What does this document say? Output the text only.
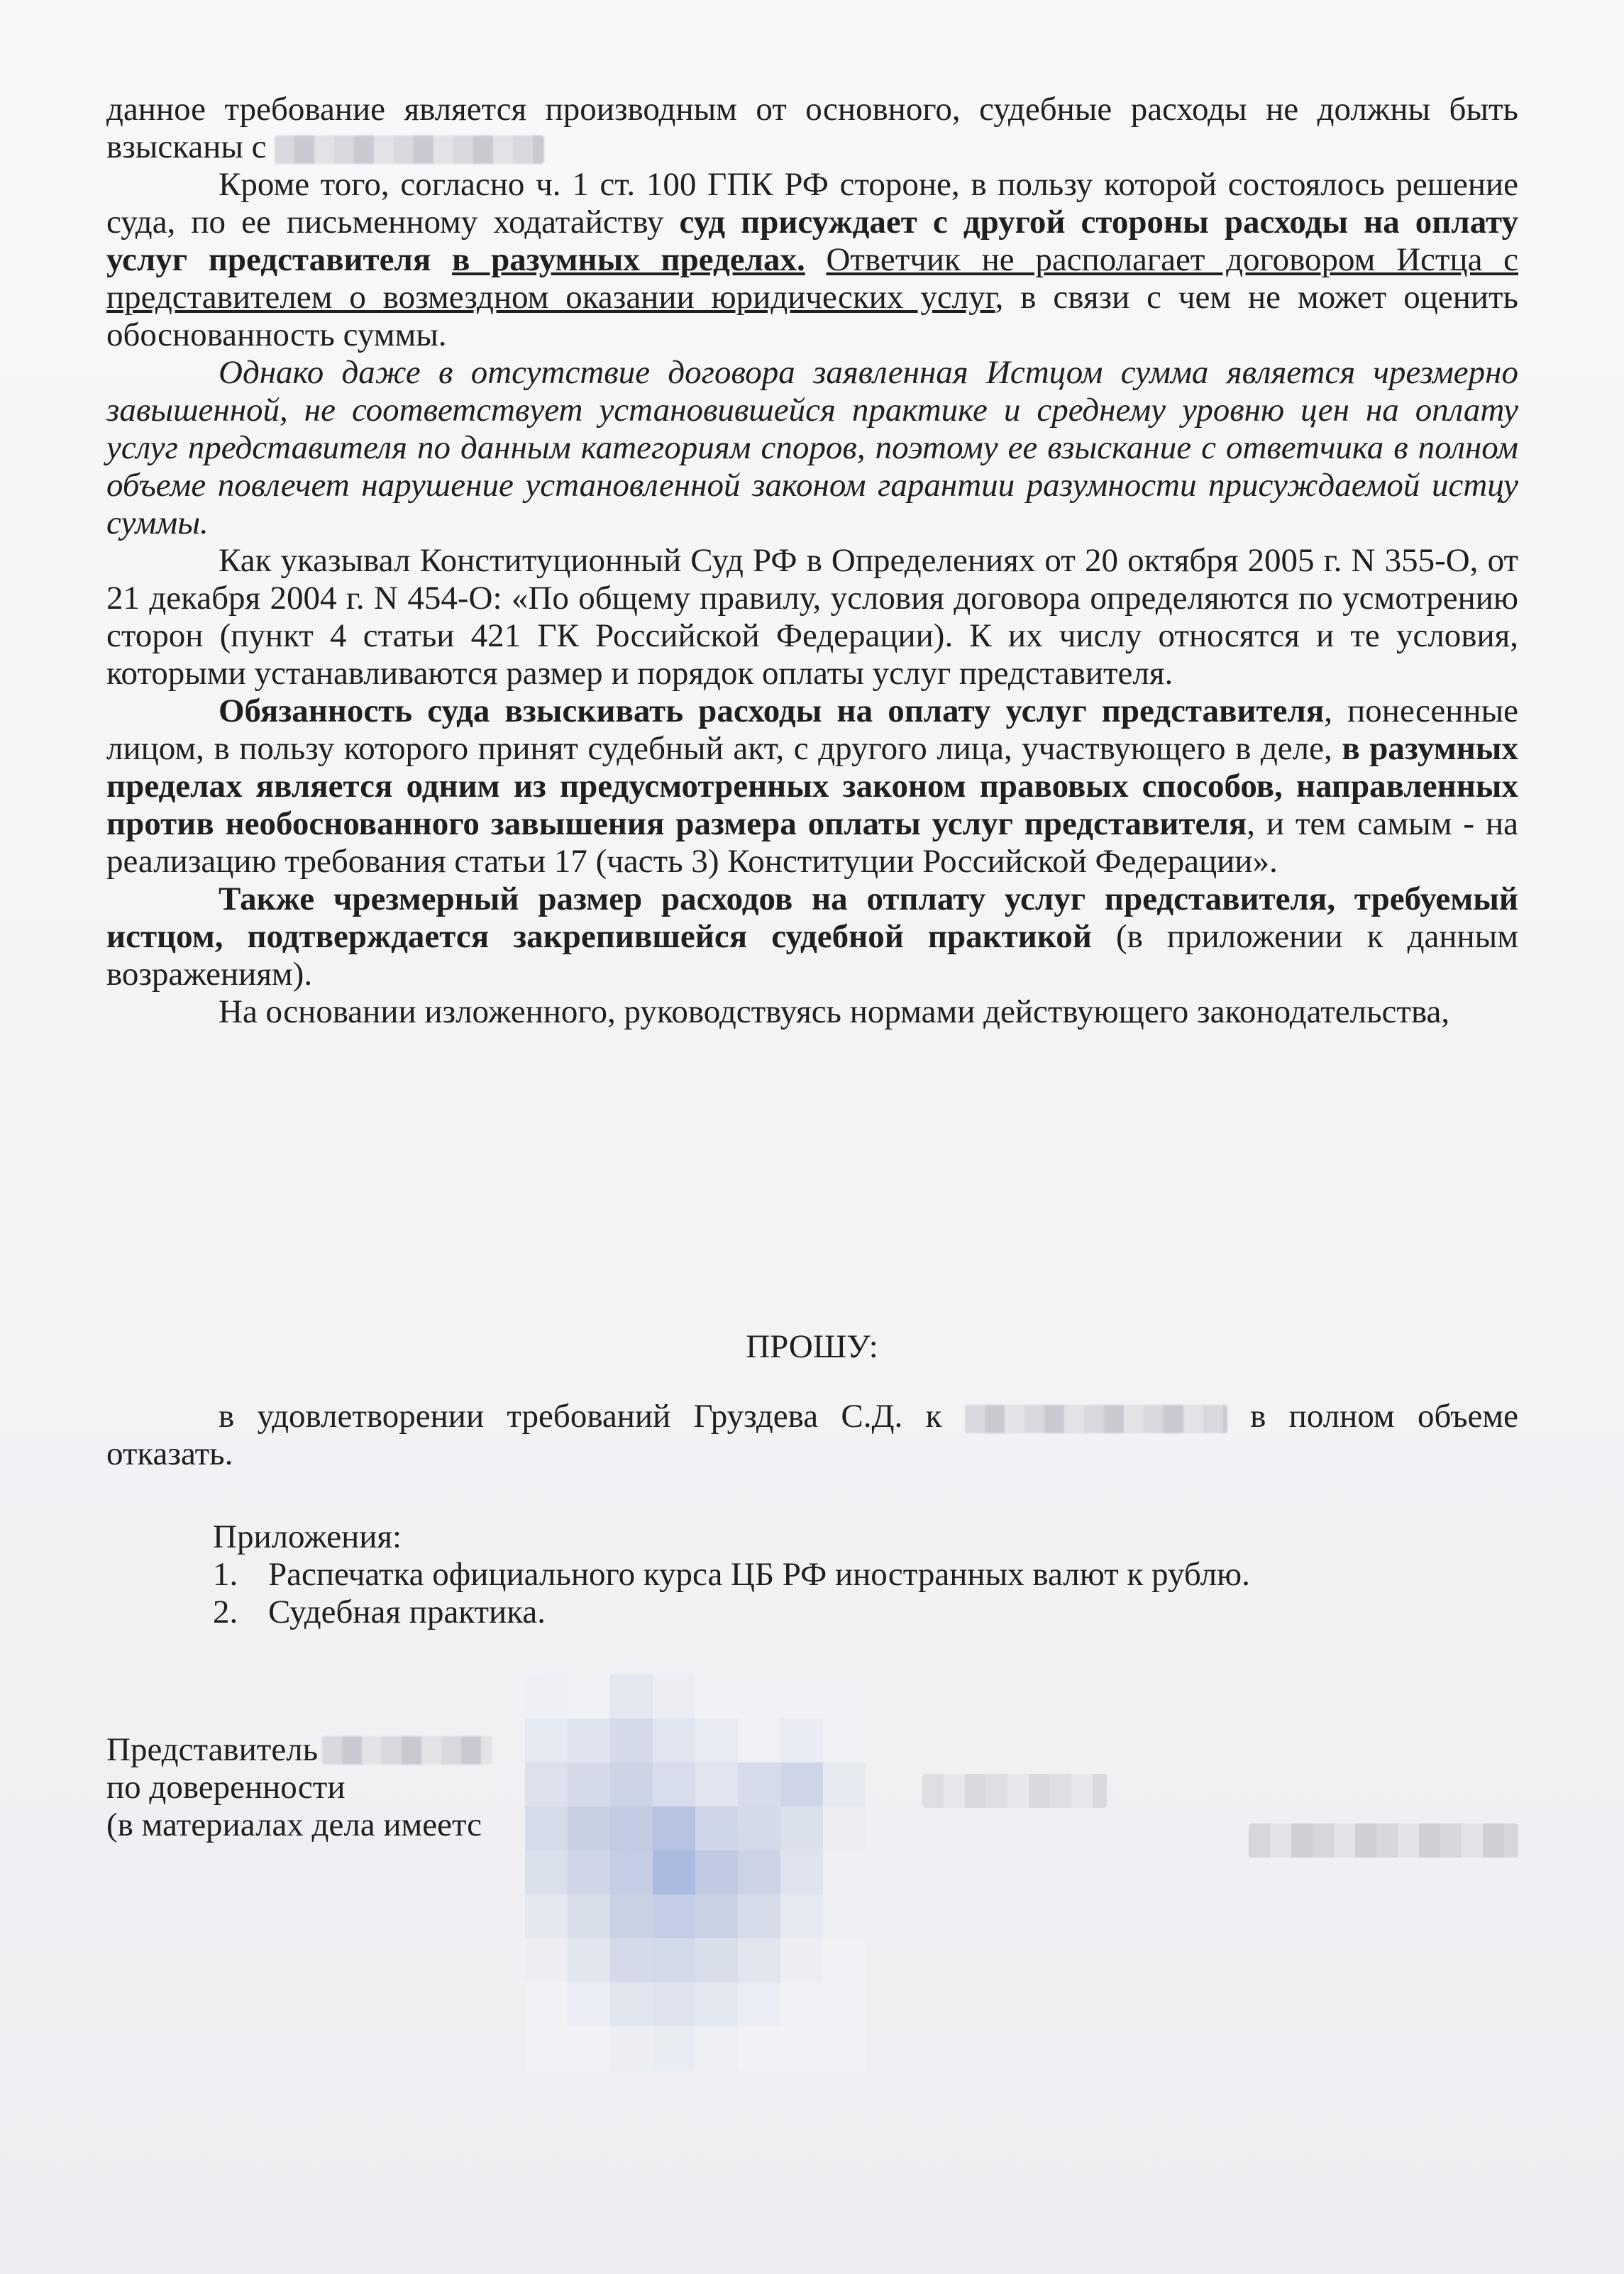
данное требование является производным от основного, судебные расходы не должны быть взысканы с

Кроме того, согласно ч. 1 ст. 100 ГПК РФ стороне, в пользу которой состоялось решение суда, по ее письменному ходатайству суд присуждает с другой стороны расходы на оплату услуг представителя в разумных пределах. Ответчик не располагает договором Истца с представителем о возмездном оказании юридических услуг, в связи с чем не может оценить обоснованность суммы.

Однако даже в отсутствие договора заявленная Истцом сумма является чрезмерно завышенной, не соответствует установившейся практике и среднему уровню цен на оплату услуг представителя по данным категориям споров, поэтому ее взыскание с ответчика в полном объеме повлечет нарушение установленной законом гарантии разумности присуждаемой истцу суммы.

Как указывал Конституционный Суд РФ в Определениях от 20 октября 2005 г. N 355-О, от 21 декабря 2004 г. N 454-О: «По общему правилу, условия договора определяются по усмотрению сторон (пункт 4 статьи 421 ГК Российской Федерации). К их числу относятся и те условия, которыми устанавливаются размер и порядок оплаты услуг представителя.

Обязанность суда взыскивать расходы на оплату услуг представителя, понесенные лицом, в пользу которого принят судебный акт, с другого лица, участвующего в деле, в разумных пределах является одним из предусмотренных законом правовых способов, направленных против необоснованного завышения размера оплаты услуг представителя, и тем самым - на реализацию требования статьи 17 (часть 3) Конституции Российской Федерации».

Также чрезмерный размер расходов на отплату услуг представителя, требуемый истцом, подтверждается закрепившейся судебной практикой (в приложении к данным возражениям).

На основании изложенного, руководствуясь нормами действующего законодательства,

ПРОШУ:

в удовлетворении требований Груздева С.Д. к	в полном объеме отказать.

Приложения:
1. Распечатка официального курса ЦБ РФ иностранных валют к рублю.
2. Судебная практика.
Представитель
по доверенности
(в материалах дела имеетс
